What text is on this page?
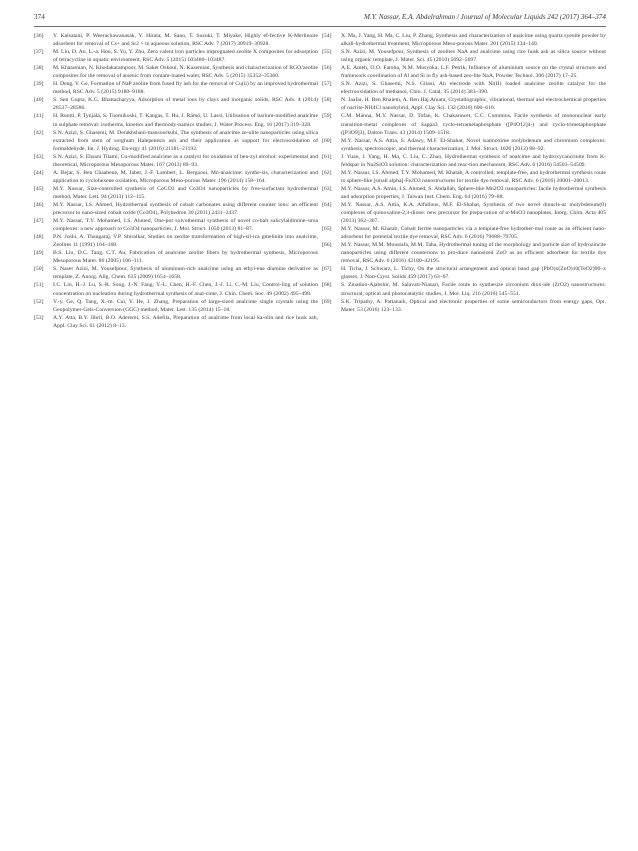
374	M.Y. Nassar, E.A. Abdelrahman / Journal of Molecular Liquids 242 (2017) 364–374
[36] Y. Kalsatani, P. Weerachawanasak, Y. Hirata, M. Sano, T. Suzuki, T. Miyake, Highly ef-fective K-Merlinoite adsorbent for removal of Cs+ and Sr2 + in aqueous solution, RSC Adv. 7 (2017) 30919–30928.
[37] M. Liu, D. An, L.-a. Hou, S. Yu, Y. Zhu, Zero valent iron particles impregnated zeolite X composites for adsorption of tetracycline in aquatic environment, RSC Adv. 5 (2015) 103480–103487.
[38] M. Khatamian, N. Khodakarampoor, M. Saket Oskoui, N. Kazemian, Synthesis and characterization of RGO/zeolite composites for the removal of arsenic from contam-inated water, RSC Adv. 5 (2015) 35352–35360.
[39] H. Deng, Y. Ge, Formation of NaP zeolite from fused fly ash for the removal of Cu(ii) by an improved hydrothermal method, RSC Adv. 5 (2015) 9180–9188.
[40] S. Sen Gupta, K.G. Bhattacharyya, Adsorption of metal ions by clays and inorganic solids, RSC Adv. 4 (2014) 28537–28586.
[41] H. Runtti, P. Tynjälä, S. Tuomikoski, T. Kangas, T. Hu, J. Rämö, U. Lassi, Utilisation of barium-modified analcime in sulphate removal: isotherms, kinetics and thermody-namics studies, J. Water Process. Eng. 16 (2017) 319–328.
[42] S.N. Azizi, S. Ghasemi, M. Derakhshani-mansoorkuhi, The synthesis of analcime ze-olite nanoparticles using silica extracted from stem of sorghum Halepenesis ash and their application as support for electrooxidation of formaldehyde, Int. J. Hydrog. En-ergy 41 (2016) 21181–21192.
[43] S.N. Azizi, S. Ehsani Tilami, Cu-modified analcime as a catalyst for oxidation of ben-zyl alcohol: experimental and theoretical, Microporous Mesoporous Mater. 167 (2013) 89–93.
[44] A. Bejar, S. Ben Chaabene, M. Jaber, J.-F. Lambert, L. Bergaoui, Mn-analcime: synthe-sis, characterization and application to cyclohexene oxidation, Microporous Meso-porous Mater. 196 (2014) 158–164.
[45] M.Y. Nassar, Size-controlled synthesis of CoCO3 and Co3O4 nanoparticles by free-surfactant hydrothermal method, Mater. Lett. 94 (2013) 112–115.
[46] M.Y. Nassar, I.S. Ahmed, Hydrothermal synthesis of cobalt carbonates using different counter ions: an efficient precursor to nano-sized cobalt oxide (Co3O4), Polyhedron 30 (2011) 2431–2437.
[47] M.Y. Nassar, T.Y. Mohamed, I.S. Ahmed, One-pot solvothermal synthesis of novel co-balt salicylaldimine–urea complexes: a new approach to Co3O4 nanoparticles, J. Mol. Struct. 1050 (2013) 81–87.
[48] P.N. Joshi, A. Thangaraj, V.P. Shiralkar, Studies on zeolite transformation of high-sil-ica gmelinite into analcime, Zeolites 11 (1991) 164–168.
[49] B.S. Liu, D.C. Tang, C.T. Au, Fabrication of analcime zeolite fibers by hydrothermal synthesis, Microporous Mesoporous Mater. 86 (2005) 106–111.
[50] S. Naser Azizi, M. Yousefpour, Synthesis of aluminum-rich analcime using an ethyl-ene diamine derivative as template, Z. Anorg. Allg. Chem. 635 (2009) 1654–1658.
[51] I.C. Lin, H.-J. Lu, S.-R. Song, J.-N. Fang, Y.-L. Chen, H.-F. Chen, J.-J. Li, C.-M. Liu, Control-ling of solution concentration on nucleation during hydrothermal synthesis of anal-cime, J. Chin. Chem. Soc. 49 (2002) 495–498.
[52] Y.-y. Ge, Q. Tang, X.-m. Cui, Y. He, J. Zhang, Preparation of large-sized analcime single crystals using the Geopolymer-Gels-Conversion (GGC) method, Mater. Lett. 135 (2014) 15–18.
[53] A.Y. Atta, B.Y. Jibril, B.O. Aderemi, S.S. Adefila, Preparation of analcime from local ka-olin and rice husk ash, Appl. Clay Sci. 61 (2012) 8–13.
[54] X. Ma, J. Yang, H. Ma, C. Liu, P. Zhang, Synthesis and characterization of analcime using quartz syenite powder by alkali-hydrothermal treatment, Microporous Meso-porous Mater. 201 (2015) 134–140.
[55] S.N. Azizi, M. Yousefpour, Synthesis of zeolites NaA and analcime using rice husk ash as silica source without using organic template, J. Mater. Sci. 45 (2010) 5692–5697.
[56] A.E. Ameh, O.O. Fatoba, N.M. Musyoka, L.F. Petrik, Influence of aluminium source on the crystal structure and framework coordination of Al and Si in fly ash-based zeo-lite NaA, Powder Technol. 306 (2017) 17–25.
[57] S.N. Azizi, S. Ghasemi, N.S. Gilani, An electrode with Ni(II) loaded analcime zeolite catalyst for the electrooxidation of methanol, Chin. J. Catal. 35 (2014) 383–390.
[58] N. Jaafar, H. Ben Rhaiem, A. Ben Haj Amara, Crystallographic, vibrational, thermal and electrochemical properties of nacrite-NH4Cl nanohybrid, Appl. Clay Sci. 132 (2016) 600–610.
[59] C.M. Manna, M.Y. Nassar, D. Tofan, K. Chakarawet, C.C. Cummins, Facile synthesis of mononuclear early transition-metal complexes of kappa3 cyclo-tetrametaphosphate ([P4O12]4-) and cyclo-trimetaphosphate ([P3O9]3), Dalton Trans. 43 (2014) 1509–1518.
[60] M.Y. Nassar, A.S. Attia, S. Adawy, M.F. El-Shahat, Novel isatinoxime molybdenum and chromium complexes: synthesis, spectroscopic, and thermal characterization, J. Mol. Struct. 1026 (2012) 88–92.
[61] J. Yuan, J. Yang, H. Ma, C. Liu, C. Zhao, Hydrothermal synthesis of analcime and hydroxycancrinite from K-feldspar in Na2SiO3 solution: characterization and reac-tion mechanism, RSC Adv. 6 (2016) 54503–54509.
[62] M.Y. Nassar, I.S. Ahmed, T.Y. Mohamed, M. Khatab, A controlled, template-free, and hydrothermal synthesis route to sphere-like [small alpha]-Fe2O3 nanostructures for textile dye removal, RSC Adv. 6 (2016) 20001–20013.
[63] M.Y. Nassar, A.S. Amin, I.S. Ahmed, S. Abdallah, Sphere-like Mn2O3 nanoparticles: facile hydrothermal synthesis and adsorption properties, J. Taiwan Inst. Chem. Eng. 64 (2016) 79–88.
[64] M.Y. Nassar, A.S. Attia, K.A. Alfallous, M.F. El-Shahat, Synthesis of two novel dinucle-ar molybdenum(0) complexes of quinoxaline-2,3-dione: new precursor for prepa-ration of α-MoO3 nanoplates, Inorg. Chim. Acta 405 (2013) 362–367.
[65] M.Y. Nassar, M. Khatab, Cobalt ferrite nanoparticles via a template-free hydrother-mal route as an efficient nano-adsorbent for potential textile dye removal, RSC Adv. 6 (2016) 79688–79705.
[66] M.Y. Nassar, M.M. Moustafa, M.M. Taha, Hydrothermal tuning of the morphology and particle size of hydrozincite nanoparticles using different counterions to pro-duce nanosized ZnO as an efficient adsorbent for textile dye removal, RSC Adv. 6 (2016) 42180–42195.
[67] H. Ticha, J. Schwarz, L. Tichy, On the structural arrangement and optical band gap (PbO)x(ZnO)10(TeO2)90–x glasses, J. Non-Cryst. Solids 459 (2017) 63–67.
[68] S. Zinatloo-Ajabshir, M. Salavati-Niasari, Facile route to synthesize zirconium diox-ide (ZrO2) nanostructures: structural, optical and photocatalytic studies, J. Mol. Liq. 216 (2016) 545–551.
[69] S.K. Tripathy, A. Pattanaik, Optical and electronic properties of some semiconductors from energy gaps, Opt. Mater. 53 (2016) 123–133.
